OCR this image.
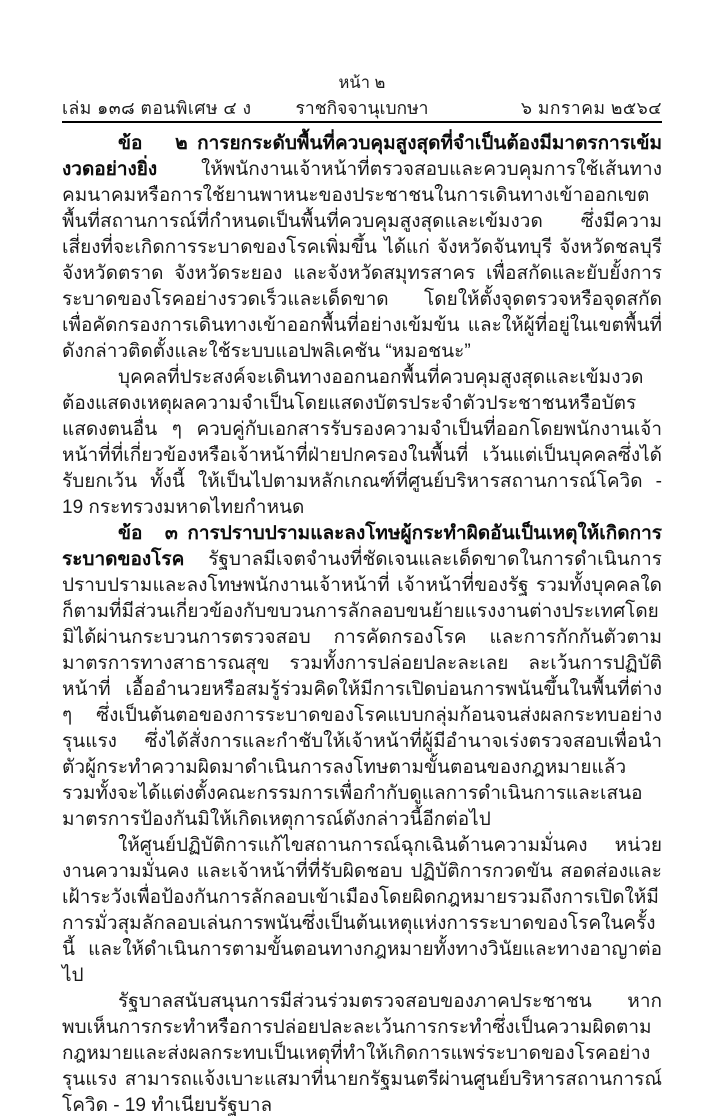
หน้า ๒
เล่ม ๑๓๘ ตอนพิเศษ ๔ ง	ราชกิจจานุเบกษา	๖ มกราคม ๒๕๖๔

ข้อ ๒ การยกระดับพื้นที่ควบคุมสูงสุดที่จำเป็นต้องมีมาตรการเข้มงวดอย่างยิ่ง ให้พนักงานเจ้าหน้าที่ตรวจสอบและควบคุมการใช้เส้นทางคมนาคมหรือการใช้ยานพาหนะของประชาชนในการเดินทางเข้าออกเขตพื้นที่สถานการณ์ที่กำหนดเป็นพื้นที่ควบคุมสูงสุดและเข้มงวด ซึ่งมีความเสี่ยงที่จะเกิดการระบาดของโรคเพิ่มขึ้น ได้แก่ จังหวัดจันทบุรี จังหวัดชลบุรี จังหวัดตราด จังหวัดระยอง และจังหวัดสมุทรสาคร เพื่อสกัดและยับยั้งการระบาดของโรคอย่างรวดเร็วและเด็ดขาด โดยให้ตั้งจุดตรวจหรือจุดสกัดเพื่อคัดกรองการเดินทางเข้าออกพื้นที่อย่างเข้มข้น และให้ผู้ที่อยู่ในเขตพื้นที่ดังกล่าวติดตั้งและใช้ระบบแอปพลิเคชัน “หมอชนะ”

บุคคลที่ประสงค์จะเดินทางออกนอกพื้นที่ควบคุมสูงสุดและเข้มงวดต้องแสดงเหตุผลความจำเป็นโดยแสดงบัตรประจำตัวประชาชนหรือบัตรแสดงตนอื่น ๆ ควบคู่กับเอกสารรับรองความจำเป็นที่ออกโดยพนักงานเจ้าหน้าที่ที่เกี่ยวข้องหรือเจ้าหน้าที่ฝ่ายปกครองในพื้นที่ เว้นแต่เป็นบุคคลซึ่งได้รับยกเว้น ทั้งนี้ ให้เป็นไปตามหลักเกณฑ์ที่ศูนย์บริหารสถานการณ์โควิด - 19 กระทรวงมหาดไทยกำหนด

ข้อ ๓ การปราบปรามและลงโทษผู้กระทำผิดอันเป็นเหตุให้เกิดการระบาดของโรค รัฐบาลมีเจตจำนงที่ชัดเจนและเด็ดขาดในการดำเนินการปราบปรามและลงโทษพนักงานเจ้าหน้าที่ เจ้าหน้าที่ของรัฐ รวมทั้งบุคคลใดก็ตามที่มีส่วนเกี่ยวข้องกับขบวนการลักลอบขนย้ายแรงงานต่างประเทศโดยมิได้ผ่านกระบวนการตรวจสอบ การคัดกรองโรค และการกักกันตัวตามมาตรการทางสาธารณสุข รวมทั้งการปล่อยปละละเลย ละเว้นการปฏิบัติหน้าที่ เอื้ออำนวยหรือสมรู้ร่วมคิดให้มีการเปิดบ่อนการพนันขึ้นในพื้นที่ต่าง ๆ ซึ่งเป็นต้นตอของการระบาดของโรคแบบกลุ่มก้อนจนส่งผลกระทบอย่างรุนแรง ซึ่งได้สั่งการและกำชับให้เจ้าหน้าที่ผู้มีอำนาจเร่งตรวจสอบเพื่อนำตัวผู้กระทำความผิดมาดำเนินการลงโทษตามขั้นตอนของกฎหมายแล้ว รวมทั้งจะได้แต่งตั้งคณะกรรมการเพื่อกำกับดูแลการดำเนินการและเสนอมาตรการป้องกันมิให้เกิดเหตุการณ์ดังกล่าวนี้อีกต่อไป

ให้ศูนย์ปฏิบัติการแก้ไขสถานการณ์ฉุกเฉินด้านความมั่นคง หน่วยงานความมั่นคง และเจ้าหน้าที่ที่รับผิดชอบ ปฏิบัติการกวดขัน สอดส่องและเฝ้าระวังเพื่อป้องกันการลักลอบเข้าเมืองโดยผิดกฎหมายรวมถึงการเปิดให้มีการมั่วสุมลักลอบเล่นการพนันซึ่งเป็นต้นเหตุแห่งการระบาดของโรคในครั้งนี้ และให้ดำเนินการตามขั้นตอนทางกฎหมายทั้งทางวินัยและทางอาญาต่อไป

รัฐบาลสนับสนุนการมีส่วนร่วมตรวจสอบของภาคประชาชน หากพบเห็นการกระทำหรือการปล่อยปละละเว้นการกระทำซึ่งเป็นความผิดตามกฎหมายและส่งผลกระทบเป็นเหตุที่ทำให้เกิดการแพร่ระบาดของโรคอย่างรุนแรง สามารถแจ้งเบาะแสมาที่นายกรัฐมนตรีผ่านศูนย์บริหารสถานการณ์โควิด - 19 ทำเนียบรัฐบาล
